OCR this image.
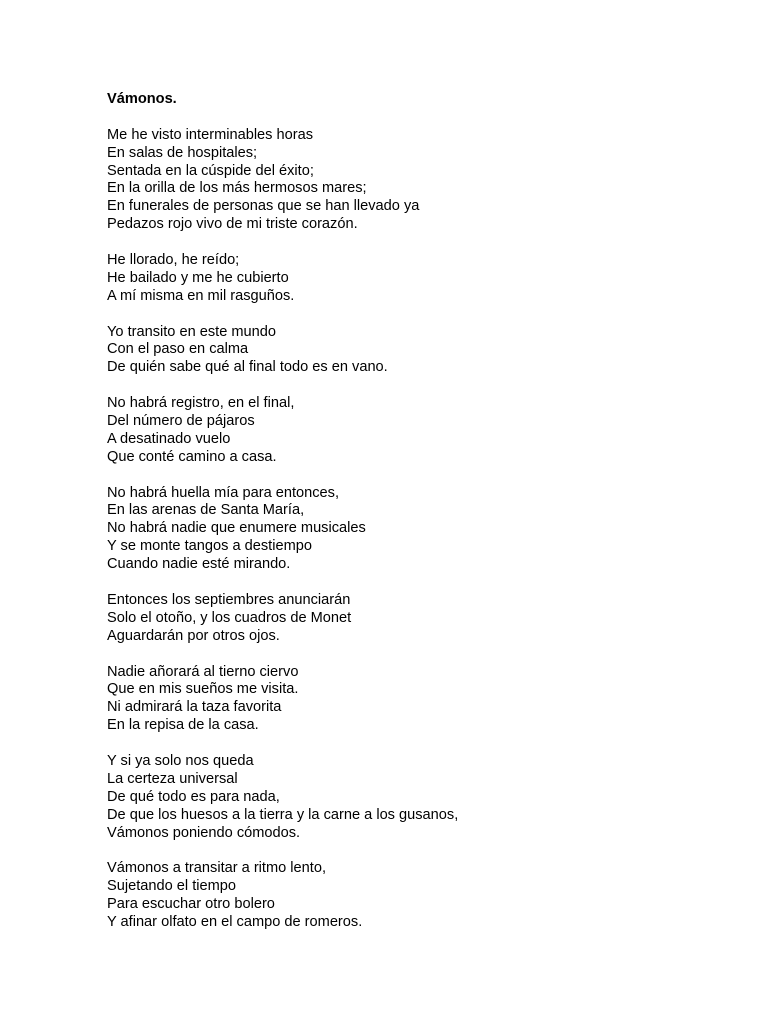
Vámonos.
Me he visto interminables horas
En salas de hospitales;
Sentada en la cúspide del éxito;
En la orilla de los más hermosos mares;
En funerales de personas que se han llevado ya
Pedazos rojo vivo de mi triste corazón.
He llorado, he reído;
He bailado y me he cubierto
A mí misma en mil rasguños.
Yo transito en este mundo
Con el paso en calma
De quién sabe qué al final todo es en vano.
No habrá registro, en el final,
Del número de pájaros
A desatinado vuelo
Que conté camino a casa.
No habrá huella mía para entonces,
En las arenas de Santa María,
No habrá nadie que enumere musicales
Y se monte tangos a destiempo
Cuando nadie esté mirando.
Entonces los septiembres anunciarán
Solo el otoño, y los cuadros de Monet
Aguardarán por otros ojos.
Nadie añorará al tierno ciervo
Que en mis sueños me visita.
Ni admirará la taza favorita
En la repisa de la casa.
Y si ya solo nos queda
La certeza universal
De qué todo es para nada,
De que los huesos a la tierra y la carne a los gusanos,
Vámonos poniendo cómodos.
Vámonos a transitar a ritmo lento,
Sujetando el tiempo
Para escuchar otro bolero
Y afinar olfato en el campo de romeros.
